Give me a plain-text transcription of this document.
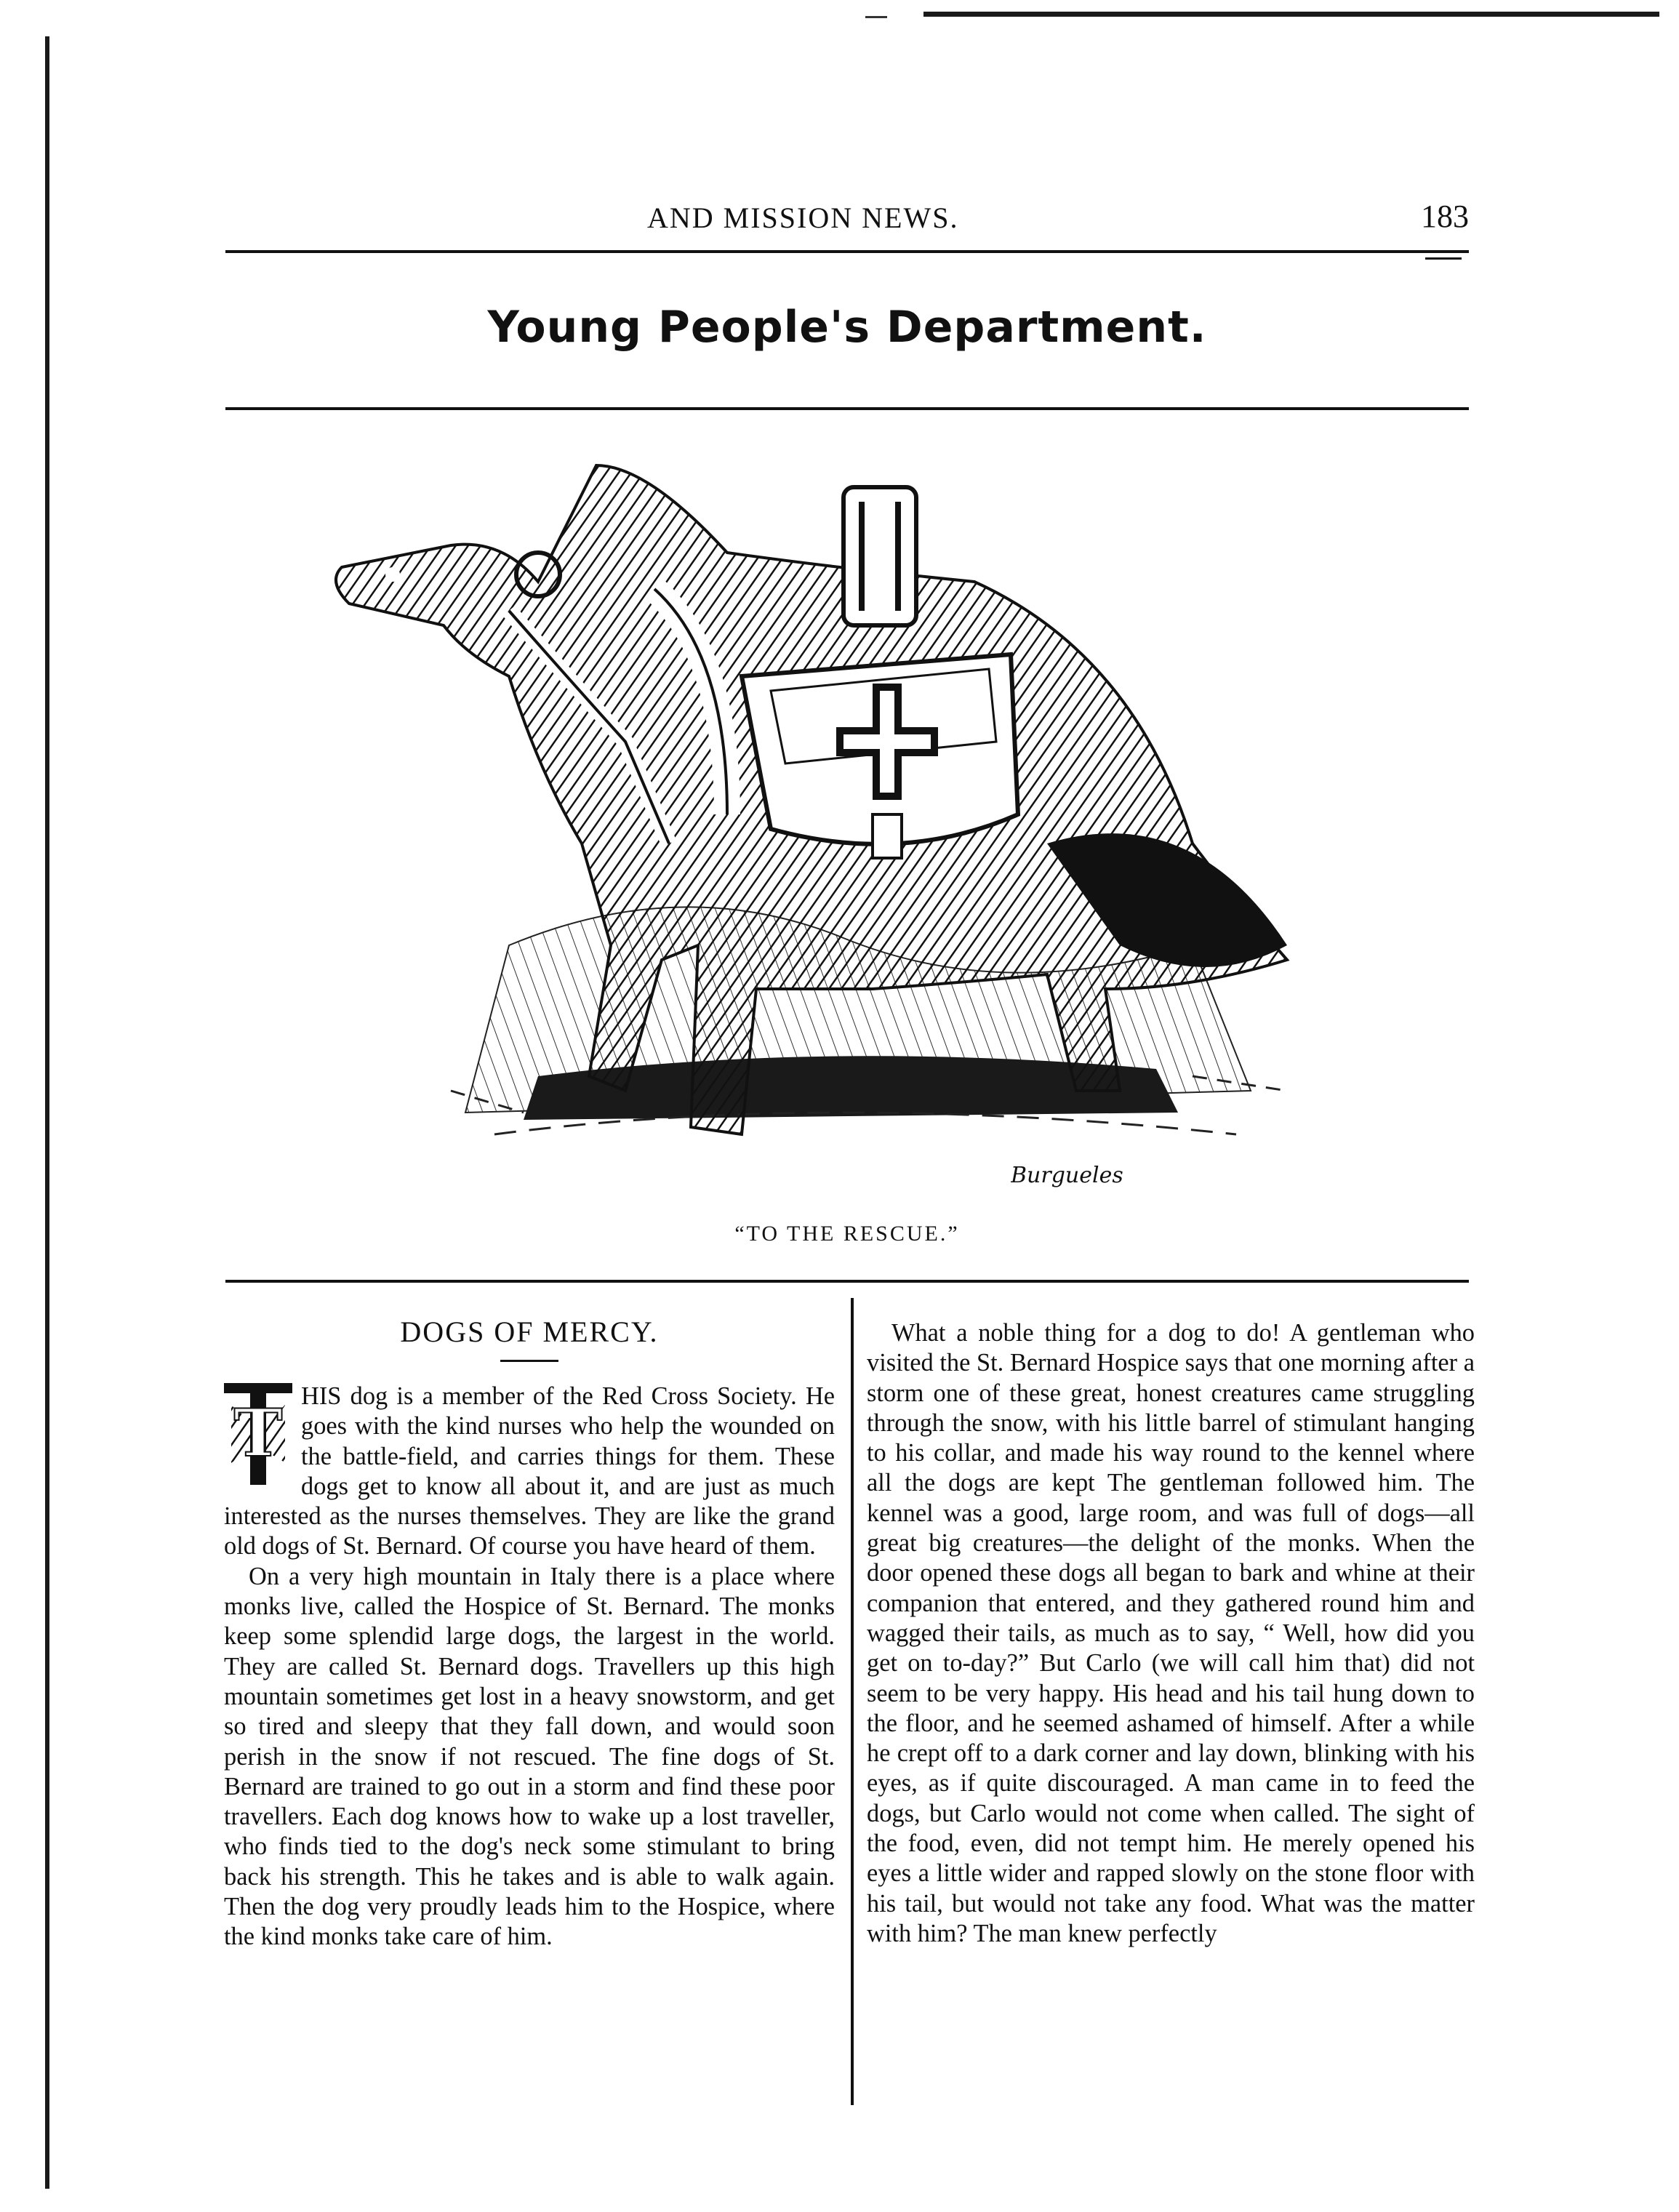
AND MISSION NEWS.	183
Young People's Department.
Burgueles
“TO THE RESCUE.”
DOGS OF MERCY.
T HIS dog is a member of the Red Cross Society. He goes with the kind nurses who help the wounded on the battle-field, and carries things for them. These dogs get to know all about it, and are just as much interested as the nurses themselves. They are like the grand old dogs of St. Bernard. Of course you have heard of them.

On a very high mountain in Italy there is a place where monks live, called the Hospice of St. Bernard. The monks keep some splendid large dogs, the largest in the world. They are called St. Bernard dogs. Travellers up this high mountain sometimes get lost in a heavy snowstorm, and get so tired and sleepy that they fall down, and would soon perish in the snow if not rescued. The fine dogs of St. Bernard are trained to go out in a storm and find these poor travellers. Each dog knows how to wake up a lost traveller, who finds tied to the dog's neck some stimulant to bring back his strength. This he takes and is able to walk again. Then the dog very proudly leads him to the Hospice, where the kind monks take care of him.

What a noble thing for a dog to do! A gentleman who visited the St. Bernard Hospice says that one morning after a storm one of these great, honest creatures came struggling through the snow, with his little barrel of stimulant hanging to his collar, and made his way round to the kennel where all the dogs are kept The gentleman followed him. The kennel was a good, large room, and was full of dogs—all great big creatures—the delight of the monks. When the door opened these dogs all began to bark and whine at their companion that entered, and they gathered round him and wagged their tails, as much as to say, “ Well, how did you get on to-day?” But Carlo (we will call him that) did not seem to be very happy. His head and his tail hung down to the floor, and he seemed ashamed of himself. After a while he crept off to a dark corner and lay down, blinking with his eyes, as if quite discouraged. A man came in to feed the dogs, but Carlo would not come when called. The sight of the food, even, did not tempt him. He merely opened his eyes a little wider and rapped slowly on the stone floor with his tail, but would not take any food. What was the matter with him? The man knew perfectly
